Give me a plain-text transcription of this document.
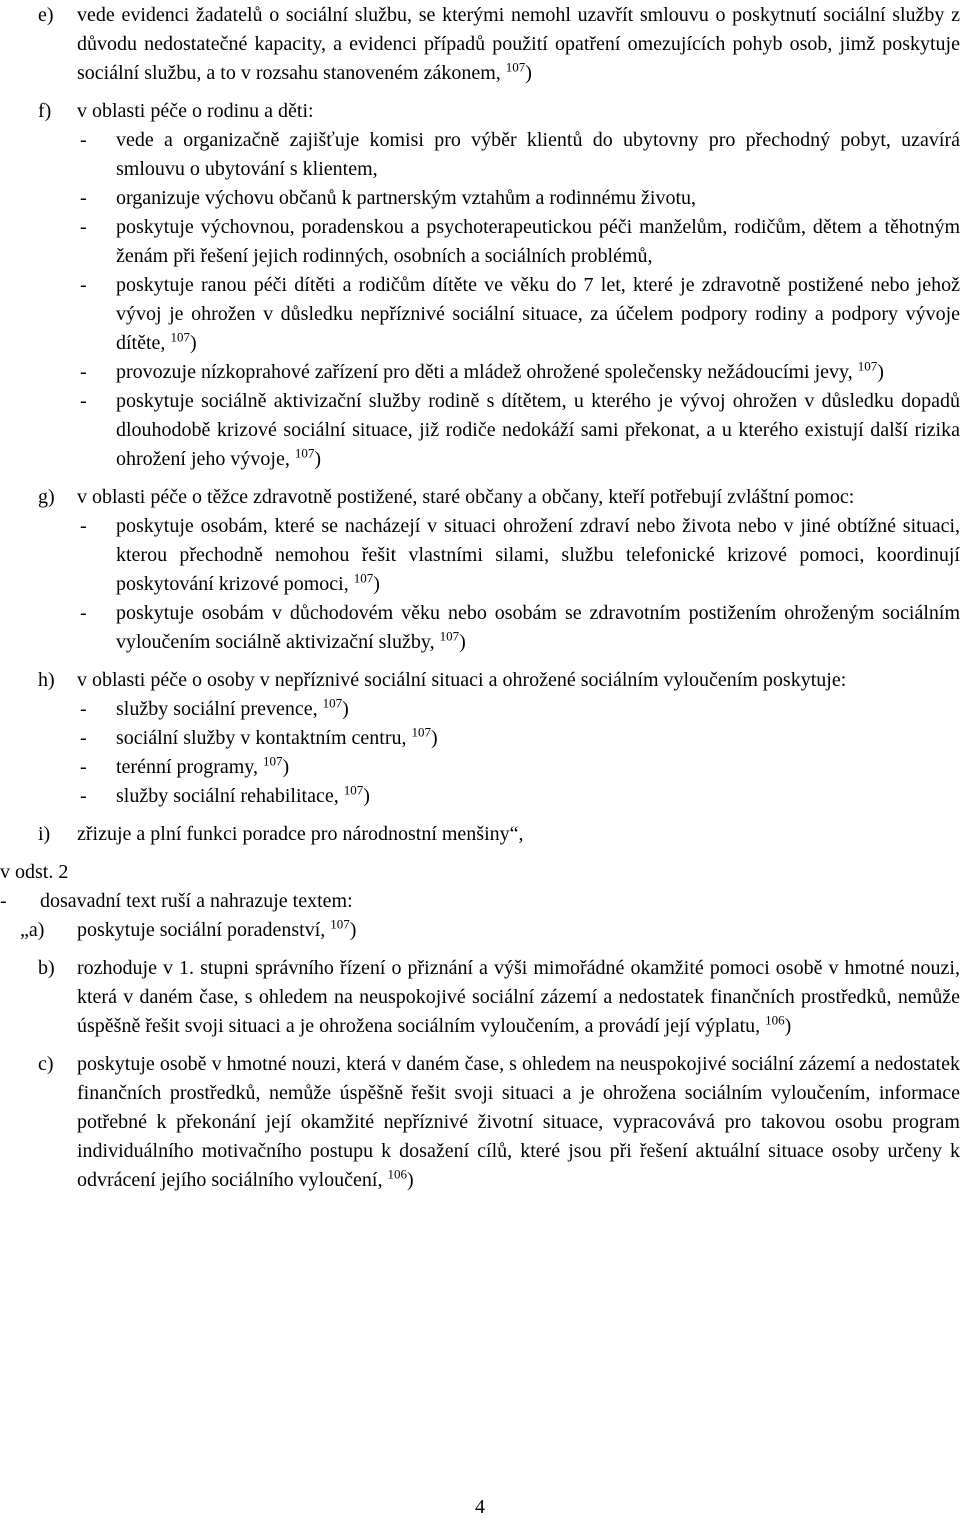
e) vede evidenci žadatelů o sociální službu, se kterými nemohl uzavřít smlouvu o poskytnutí sociální služby z důvodu nedostatečné kapacity, a evidenci případů použití opatření omezujících pohyb osob, jimž poskytuje sociální službu, a to v rozsahu stanoveném zákonem, $^{107}$)
f) v oblasti péče o rodinu a děti:
- vede a organizačně zajišťuje komisi pro výběr klientů do ubytovny pro přechodný pobyt, uzavírá smlouvu o ubytování s klientem,
- organizuje výchovu občanů k partnerským vztahům a rodinnému životu,
- poskytuje výchovnou, poradenskou a psychoterapeutickou péči manželům, rodičům, dětem a těhotným ženám při řešení jejich rodinných, osobních a sociálních problémů,
- poskytuje ranou péči dítěti a rodičům dítěte ve věku do 7 let, které je zdravotně postižené nebo jehož vývoj je ohrožen v důsledku nepříznivé sociální situace, za účelem podpory rodiny a podpory vývoje dítěte, $^{107}$)
- provozuje nízkoprahové zařízení pro děti a mládež ohrožené společensky nežádoucími jevy, $^{107}$)
- poskytuje sociálně aktivizační služby rodině s dítětem, u kterého je vývoj ohrožen v důsledku dopadů dlouhodobě krizové sociální situace, již rodiče nedokáží sami překonat, a u kterého existují další rizika ohrožení jeho vývoje, $^{107}$)
g) v oblasti péče o těžce zdravotně postižené, staré občany a občany, kteří potřebují zvláštní pomoc:
- poskytuje osobám, které se nacházejí v situaci ohrožení zdraví nebo života nebo v jiné obtížné situaci, kterou přechodně nemohou řešit vlastními silami, službu telefonické krizové pomoci, koordinují poskytování krizové pomoci, $^{107}$)
- poskytuje osobám v důchodovém věku nebo osobám se zdravotním postižením ohroženým sociálním vyloučením sociálně aktivizační služby, $^{107}$)
h) v oblasti péče o osoby v nepříznivé sociální situaci a ohrožené sociálním vyloučením poskytuje:
- služby sociální prevence, $^{107}$)
- sociální služby v kontaktním centru, $^{107}$)
- terénní programy, $^{107}$)
- služby sociální rehabilitace, $^{107}$)
i) zřizuje a plní funkci poradce pro národnostní menšiny“,
v odst. 2
- dosavadní text ruší a nahrazuje textem:
„a) poskytuje sociální poradenství, $^{107}$)
b) rozhoduje v 1. stupni správního řízení o přiznání a výši mimořádné okamžité pomoci osobě v hmotné nouzi, která v daném čase, s ohledem na neuspokojivé sociální zázemí a nedostatek finančních prostředků, nemůže úspěšně řešit svoji situaci a je ohrožena sociálním vyloučením, a provádí její výplatu, $^{106}$)
c) poskytuje osobě v hmotné nouzi, která v daném čase, s ohledem na neuspokojivé sociální zázemí a nedostatek finančních prostředků, nemůže úspěšně řešit svoji situaci a je ohrožena sociálním vyloučením, informace potřebné k překonání její okamžité nepříznivé životní situace, vypracovává pro takovou osobu program individuálního motivačního postupu k dosažení cílů, které jsou při řešení aktuální situace osoby určeny k odvrácení jejího sociálního vyloučení, $^{106}$)
4
